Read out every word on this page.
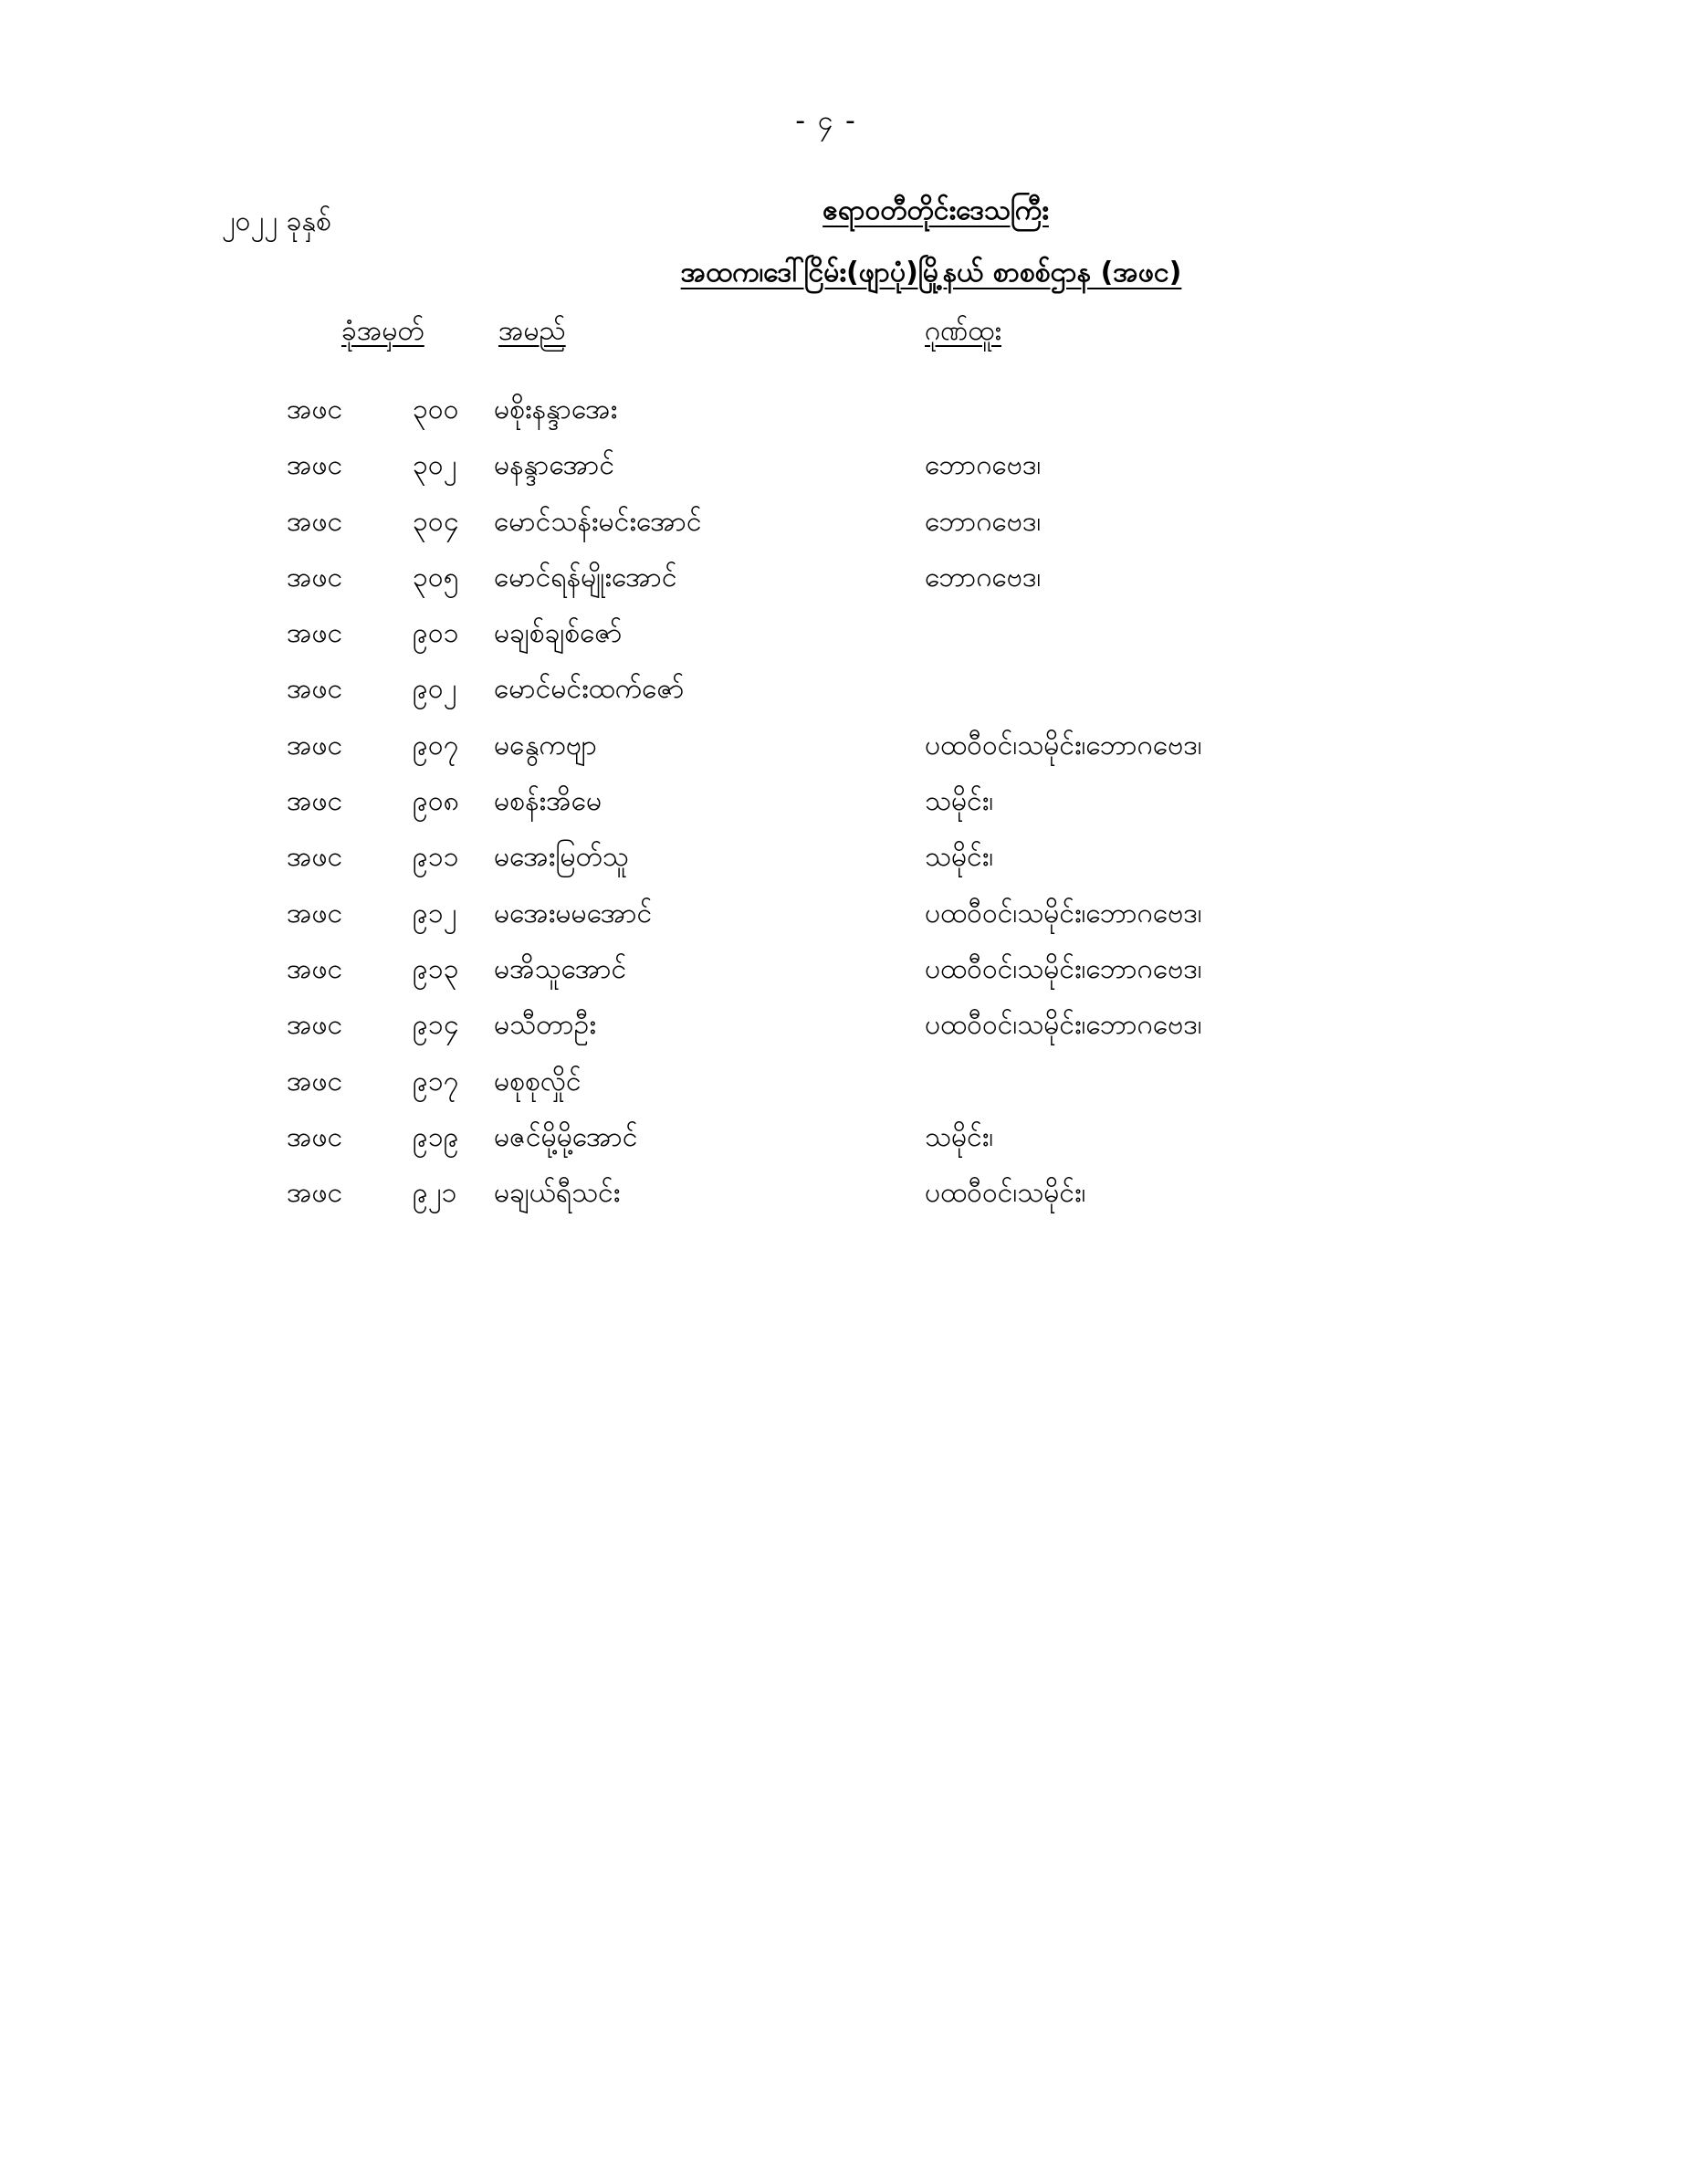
- ၄ -
၂၀၂၂ ခုနှစ်	ဧရာဝတီတိုင်းဒေသကြီး
အထက၊ဒေါ်ငြိမ်း(ဖျာပုံ)မြို့နယ် စာစစ်ဌာန (အဖင)
ခုံအမှတ်	အမည်	ဂုဏ်ထူး
အဖင	၃၀၀ မစိုးနန္ဒာအေး
အဖင	၃၀၂ မနန္ဒာအောင်	ဘောဂဗေဒ၊
အဖင	၃၀၄ မောင်သန်းမင်းအောင်	ဘောဂဗေဒ၊
အဖင	၃၀၅ မောင်ရန်မျိုးအောင်	ဘောဂဗေဒ၊
အဖင	၉၀၁ မချစ်ချစ်ဇော်
အဖင	၉၀၂ မောင်မင်းထက်ဇော်
အဖင	၉၀၇ မနွေကဗျာ	ပထဝီဝင်၊သမိုင်း၊ဘောဂဗေဒ၊
အဖင	၉၀၈ မစန်းအိမေ	သမိုင်း၊
အဖင	၉၁၁ မအေးမြတ်သူ	သမိုင်း၊
အဖင	၉၁၂ မအေးမမအောင်	ပထဝီဝင်၊သမိုင်း၊ဘောဂဗေဒ၊
အဖင	၉၁၃ မအိသူအောင်	ပထဝီဝင်၊သမိုင်း၊ဘောဂဗေဒ၊
အဖင	၉၁၄ မသီတာဦး	ပထဝီဝင်၊သမိုင်း၊ဘောဂဗေဒ၊
အဖင	၉၁၇ မစုစုလှိုင်
အဖင	၉၁၉ မဇင်မို့မို့အောင်	သမိုင်း၊
အဖင	၉၂၁ မချယ်ရီသင်း	ပထဝီဝင်၊သမိုင်း၊
